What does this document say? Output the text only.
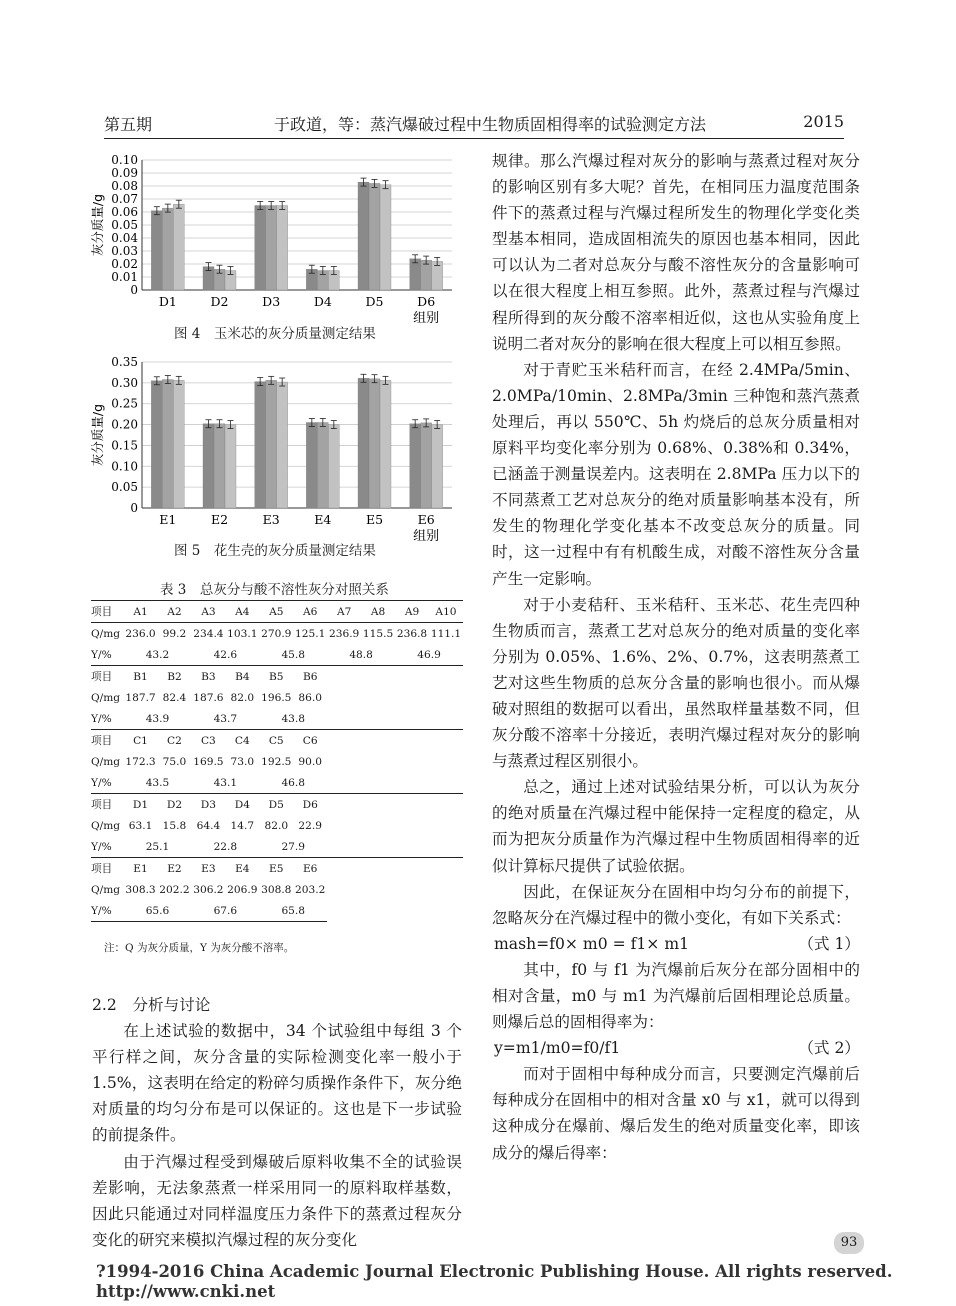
第五期	于政道，等：蒸汽爆破过程中生物质固相得率的试验测定方法	2015
0.10
0.09
0.08
0.07
0.06
0.05
0.04
0.03
0.02
0.01
0
灰分质量/g
D1	D2	D3	D4	D5	D6
组别
图 4　玉米芯的灰分质量测定结果
0.35
0.30
0.25
0.20
0.15
0.10
0.05
0
灰分质量/g
E1	E2	E3	E4	E5	E6
组别
图 5　花生壳的灰分质量测定结果
表 3　总灰分与酸不溶性灰分对照关系
项目	A1	A2	A3	A4	A5	A6	A7	A8	A9	A10
Q/mg	236.0	99.2	234.4	103.1	270.9	125.1	236.9	115.5	236.8	111.1
Y/%	43.2		42.6		45.8		48.8		46.9	
项目	B1	B2	B3	B4	B5	B6				
Q/mg	187.7	82.4	187.6	82.0	196.5	86.0				
Y/%	43.9		43.7		43.8					
项目	C1	C2	C3	C4	C5	C6				
Q/mg	172.3	75.0	169.5	73.0	192.5	90.0				
Y/%	43.5		43.1		46.8					
项目	D1	D2	D3	D4	D5	D6				
Q/mg	63.1	15.8	64.4	14.7	82.0	22.9				
Y/%	25.1		22.8		27.9					
项目	E1	E2	E3	E4	E5	E6				
Q/mg	308.3	202.2	306.2	206.9	308.8	203.2				
Y/%	65.6		67.6		65.8					
注：Q 为灰分质量，Y 为灰分酸不溶率。

2.2　分析与讨论

在上述试验的数据中，34 个试验组中每组 3 个平行样之间，灰分含量的实际检测变化率一般小于 1.5%，这表明在给定的粉碎匀质操作条件下，灰分绝对质量的均匀分布是可以保证的。这也是下一步试验的前提条件。

由于汽爆过程受到爆破后原料收集不全的试验误差影响，无法象蒸煮一样采用同一的原料取样基数，因此只能通过对同样温度压力条件下的蒸煮过程灰分变化的研究来模拟汽爆过程的灰分变化

规律。那么汽爆过程对灰分的影响与蒸煮过程对灰分的影响区别有多大呢？首先，在相同压力温度范围条件下的蒸煮过程与汽爆过程所发生的物理化学变化类型基本相同，造成固相流失的原因也基本相同，因此可以认为二者对总灰分与酸不溶性灰分的含量影响可以在很大程度上相互参照。此外，蒸煮过程与汽爆过程所得到的灰分酸不溶率相近似，这也从实验角度上说明二者对灰分的影响在很大程度上可以相互参照。

对于青贮玉米秸秆而言，在经 2.4MPa/5min、2.0MPa/10min、2.8MPa/3min 三种饱和蒸汽蒸煮处理后，再以 550℃、5h 灼烧后的总灰分质量相对原料平均变化率分别为 0.68%、0.38%和 0.34%，已涵盖于测量误差内。这表明在 2.8MPa 压力以下的不同蒸煮工艺对总灰分的绝对质量影响基本没有，所发生的物理化学变化基本不改变总灰分的质量。同时，这一过程中有有机酸生成，对酸不溶性灰分含量产生一定影响。

对于小麦秸秆、玉米秸秆、玉米芯、花生壳四种生物质而言，蒸煮工艺对总灰分的绝对质量的变化率分别为 0.05%、1.6%、2%、0.7%，这表明蒸煮工艺对这些生物质的总灰分含量的影响也很小。而从爆破对照组的数据可以看出，虽然取样量基数不同，但灰分酸不溶率十分接近，表明汽爆过程对灰分的影响与蒸煮过程区别很小。

总之，通过上述对试验结果分析，可以认为灰分的绝对质量在汽爆过程中能保持一定程度的稳定，从而为把灰分质量作为汽爆过程中生物质固相得率的近似计算标尺提供了试验依据。

因此，在保证灰分在固相中均匀分布的前提下，忽略灰分在汽爆过程中的微小变化，有如下关系式：

mash=f0× m0 = f1× m1	（式 1）

其中，f0 与 f1 为汽爆前后灰分在部分固相中的相对含量，m0 与 m1 为汽爆前后固相理论总质量。则爆后总的固相得率为：

y=m1/m0=f0/f1	（式 2）

而对于固相中每种成分而言，只要测定汽爆前后每种成分在固相中的相对含量 x0 与 x1，就可以得到这种成分在爆前、爆后发生的绝对质量变化率，即该成分的爆后得率：

93
?1994-2016 China Academic Journal Electronic Publishing House. All rights reserved.　http://www.cnki.net
